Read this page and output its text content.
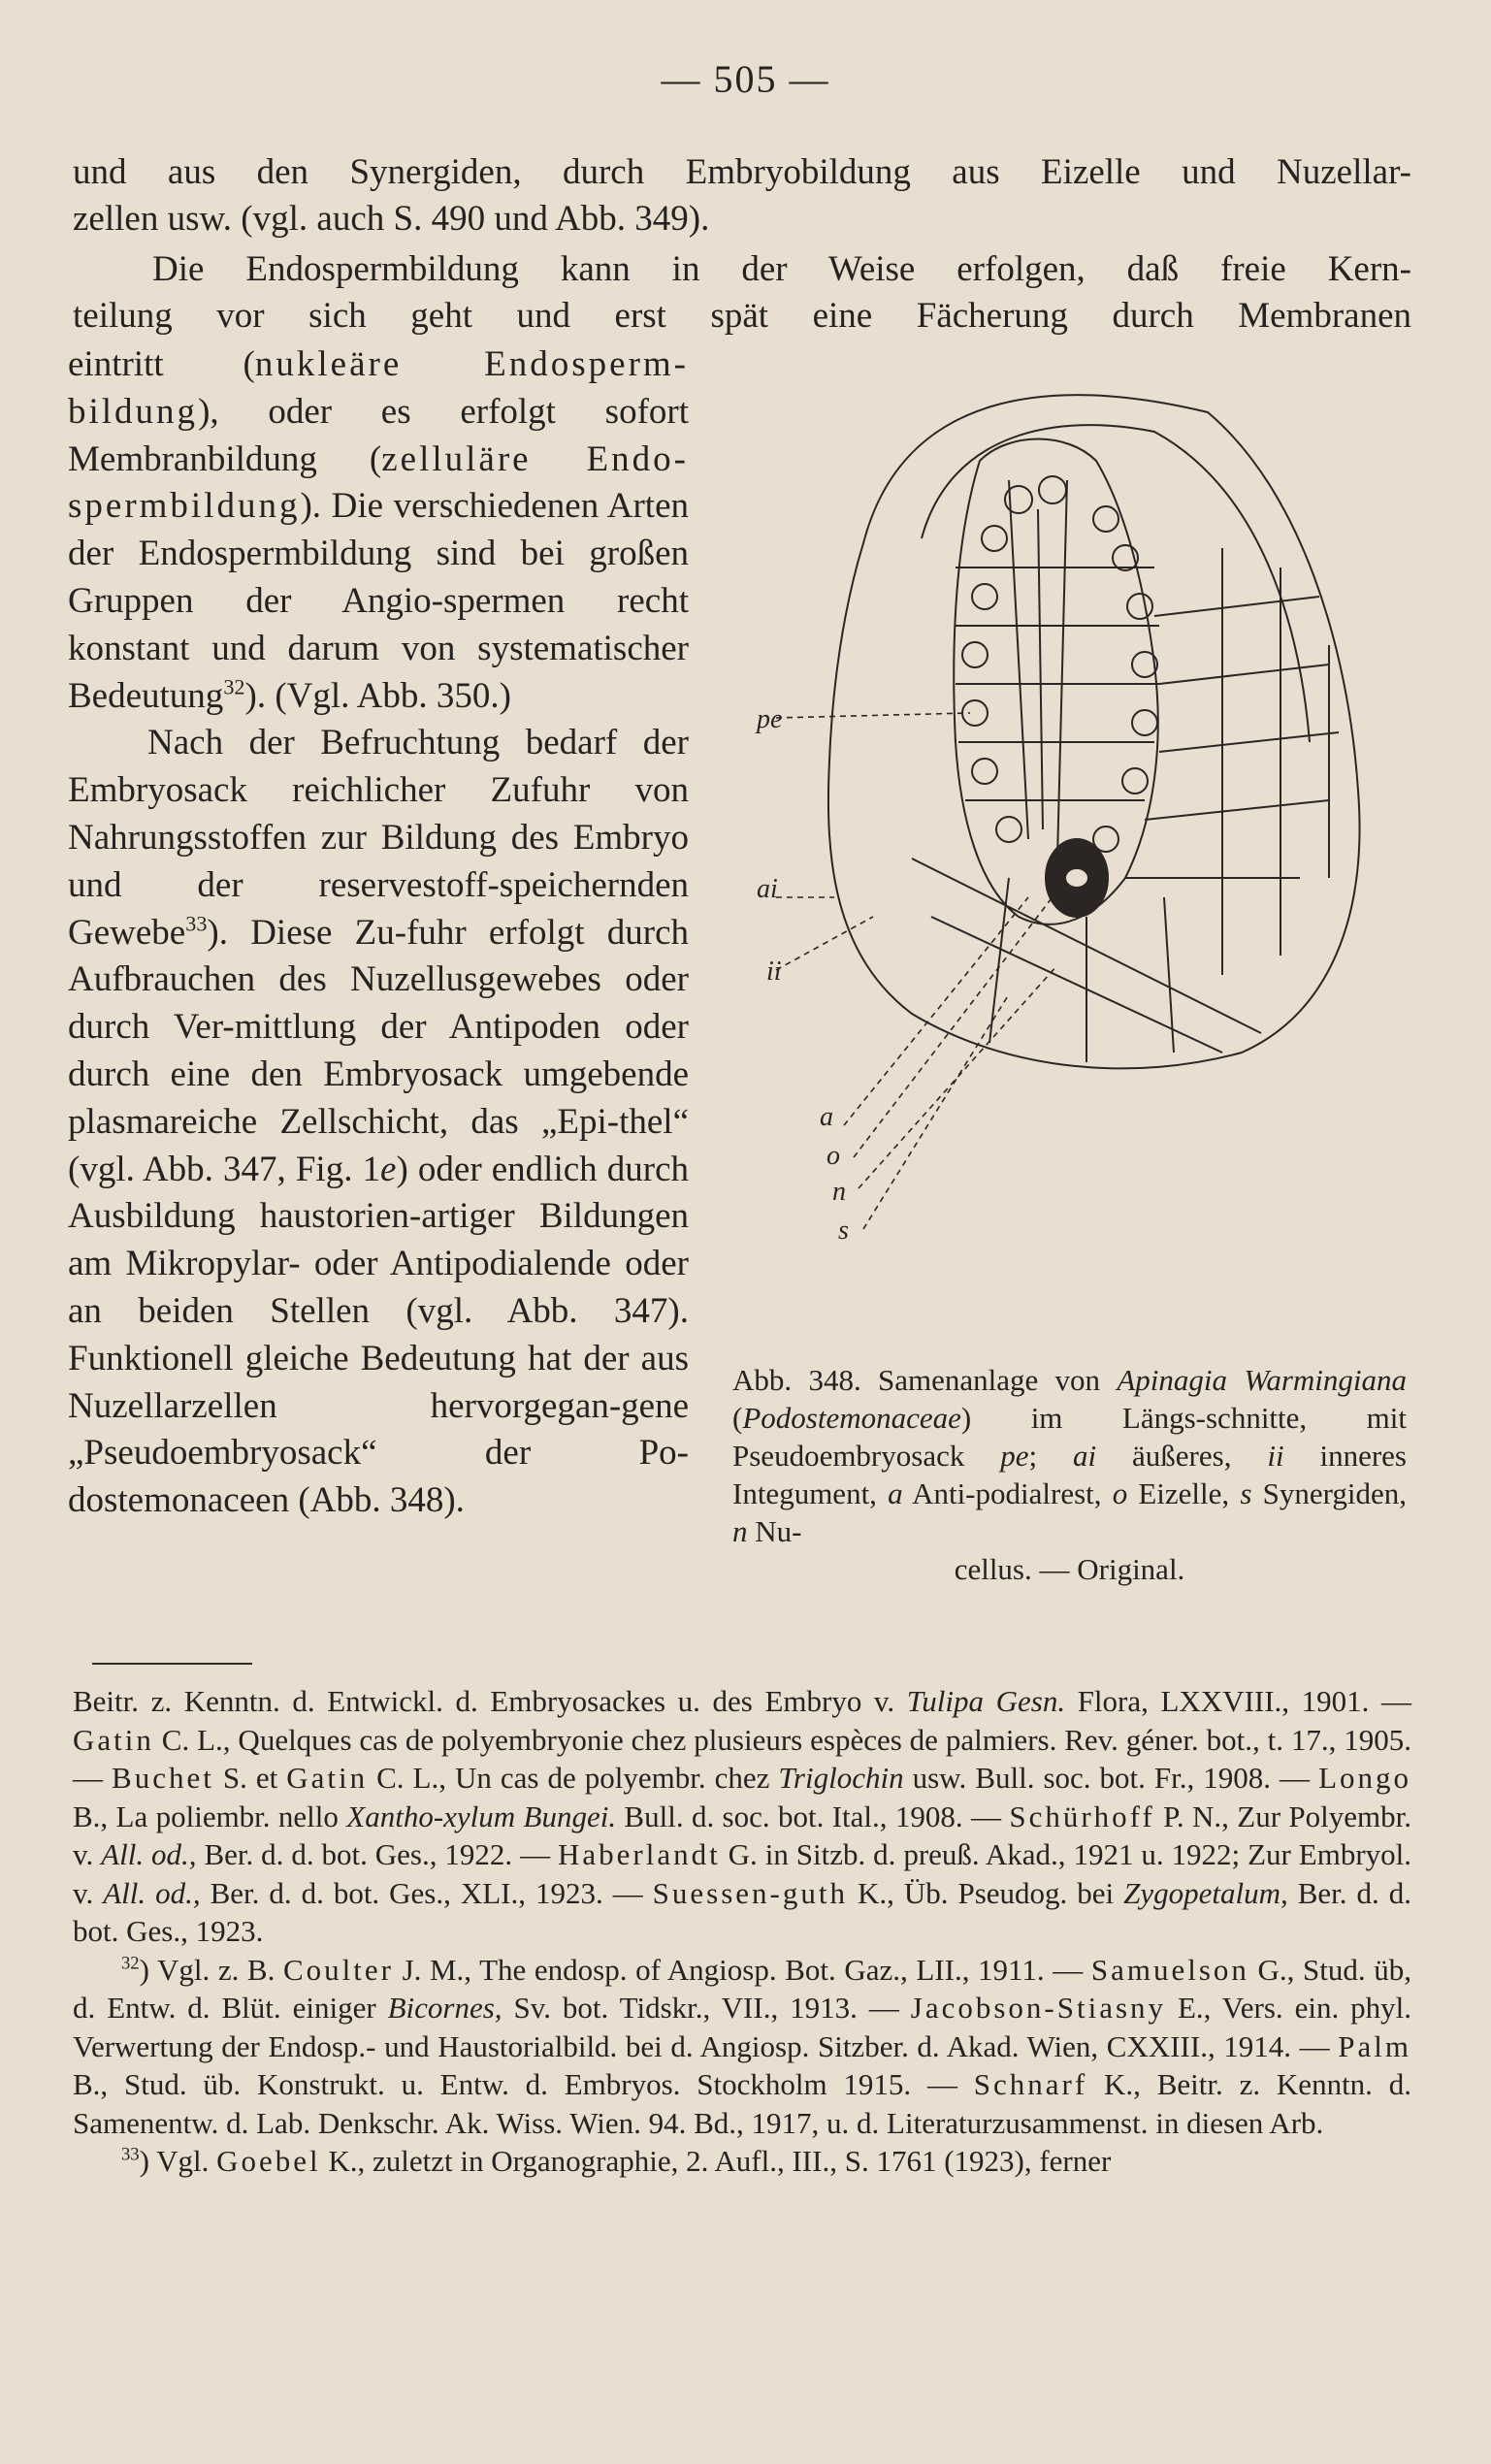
— 505 —
und aus den Synergiden, durch Embryobildung aus Eizelle und Nuzellar-
zellen usw. (vgl. auch S. 490 und Abb. 349).
Die Endospermbildung kann in der Weise erfolgen, daß freie Kern-
teilung vor sich geht und erst spät eine Fächerung durch Membranen

eintritt (nukleäre Endosperm-bildung), oder es erfolgt sofort Membranbildung (zelluläre Endo-spermbildung). Die verschiedenen Arten der Endospermbildung sind bei großen Gruppen der Angio-spermen recht konstant und darum von systematischer Bedeutung$^{32}$). (Vgl. Abb. 350.)

Nach der Befruchtung bedarf der Embryosack reichlicher Zufuhr von Nahrungsstoffen zur Bildung des Embryo und der reservestoff-speichernden Gewebe$^{33}$). Diese Zu-fuhr erfolgt durch Aufbrauchen des Nuzellusgewebes oder durch Ver-mittlung der Antipoden oder durch eine den Embryosack umgebende plasmareiche Zellschicht, das „Epi-thel“ (vgl. Abb. 347, Fig. 1e) oder endlich durch Ausbildung haustorien-artiger Bildungen am Mikropylar- oder Antipodialende oder an beiden Stellen (vgl. Abb. 347). Funktionell gleiche Bedeutung hat der aus Nuzellarzellen hervorgegan-gene „Pseudoembryosack“ der Po-dostemonaceen (Abb. 348).

pe
ai
ii
a
o
n
s
Abb. 348. Samenanlage von Apinagia Warmingiana (Podostemonaceae) im Längs-schnitte, mit Pseudoembryosack pe; ai äußeres, ii inneres Integument, a Anti-podialrest, o Eizelle, s Synergiden, n Nu-
cellus. — Original.

Beitr. z. Kenntn. d. Entwickl. d. Embryosackes u. des Embryo v. Tulipa Gesn. Flora, LXXVIII., 1901. — Gatin C. L., Quelques cas de polyembryonie chez plusieurs espèces de palmiers. Rev. géner. bot., t. 17., 1905. — Buchet S. et Gatin C. L., Un cas de polyembr. chez Triglochin usw. Bull. soc. bot. Fr., 1908. — Longo B., La poliembr. nello Xantho-xylum Bungei. Bull. d. soc. bot. Ital., 1908. — Schürhoff P. N., Zur Polyembr. v. All. od., Ber. d. d. bot. Ges., 1922. — Haberlandt G. in Sitzb. d. preuß. Akad., 1921 u. 1922; Zur Embryol. v. All. od., Ber. d. d. bot. Ges., XLI., 1923. — Suessen-guth K., Üb. Pseudog. bei Zygopetalum, Ber. d. d. bot. Ges., 1923.

$^{32}$) Vgl. z. B. Coulter J. M., The endosp. of Angiosp. Bot. Gaz., LII., 1911. — Samuelson G., Stud. üb, d. Entw. d. Blüt. einiger Bicornes, Sv. bot. Tidskr., VII., 1913. — Jacobson-Stiasny E., Vers. ein. phyl. Verwertung der Endosp.- und Haustorialbild. bei d. Angiosp. Sitzber. d. Akad. Wien, CXXIII., 1914. — Palm B., Stud. üb. Konstrukt. u. Entw. d. Embryos. Stockholm 1915. — Schnarf K., Beitr. z. Kenntn. d. Samenentw. d. Lab. Denkschr. Ak. Wiss. Wien. 94. Bd., 1917, u. d. Literaturzusammenst. in diesen Arb.

$^{33}$) Vgl. Goebel K., zuletzt in Organographie, 2. Aufl., III., S. 1761 (1923), ferner
